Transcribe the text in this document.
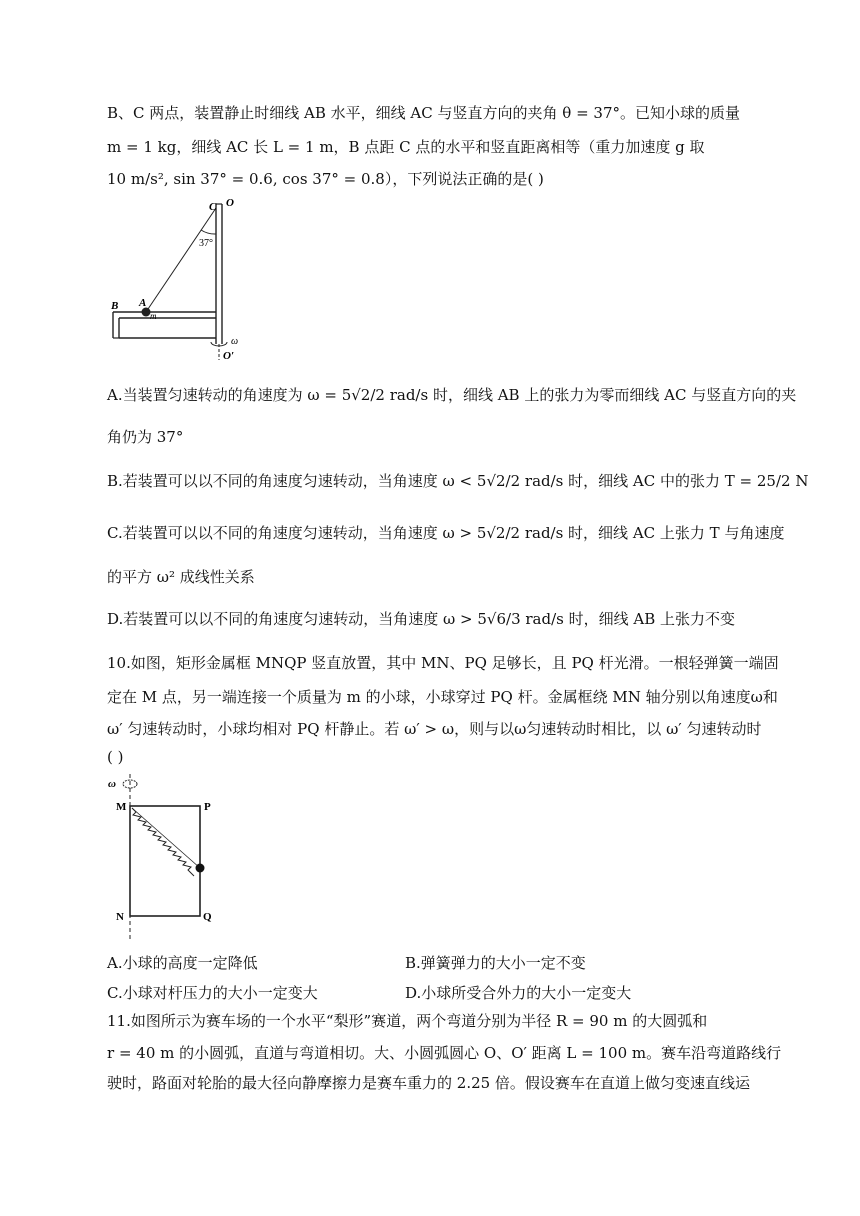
B、C 两点，装置静止时细线 AB 水平，细线 AC 与竖直方向的夹角 θ = 37°。已知小球的质量
m = 1 kg，细线 AC 长 L = 1 m，B 点距 C 点的水平和竖直距离相等（重力加速度 g 取
10 m/s², sin 37° = 0.6, cos 37° = 0.8），下列说法正确的是( )
C O
37°
B A
m
ω
O′
A.当装置匀速转动的角速度为 ω = 5√2/2 rad/s 时，细线 AB 上的张力为零而细线 AC 与竖直方向的夹
角仍为 37°
B.若装置可以以不同的角速度匀速转动，当角速度 ω < 5√2/2 rad/s 时，细线 AC 中的张力 T = 25/2 N
C.若装置可以以不同的角速度匀速转动，当角速度 ω > 5√2/2 rad/s 时，细线 AC 上张力 T 与角速度
的平方 ω² 成线性关系
D.若装置可以以不同的角速度匀速转动，当角速度 ω > 5√6/3 rad/s 时，细线 AB 上张力不变
10.如图，矩形金属框 MNQP 竖直放置，其中 MN、PQ 足够长，且 PQ 杆光滑。一根轻弹簧一端固
定在 M 点，另一端连接一个质量为 m 的小球，小球穿过 PQ 杆。金属框绕 MN 轴分别以角速度ω和
ω′ 匀速转动时，小球均相对 PQ 杆静止。若 ω′ > ω，则与以ω匀速转动时相比，以 ω′ 匀速转动时
( )
ω
M	P
N	Q
A.小球的高度一定降低	B.弹簧弹力的大小一定不变
C.小球对杆压力的大小一定变大	D.小球所受合外力的大小一定变大
11.如图所示为赛车场的一个水平“梨形”赛道，两个弯道分别为半径 R = 90 m 的大圆弧和
r = 40 m 的小圆弧，直道与弯道相切。大、小圆弧圆心 O、O′ 距离 L = 100 m。赛车沿弯道路线行
驶时，路面对轮胎的最大径向静摩擦力是赛车重力的 2.25 倍。假设赛车在直道上做匀变速直线运
